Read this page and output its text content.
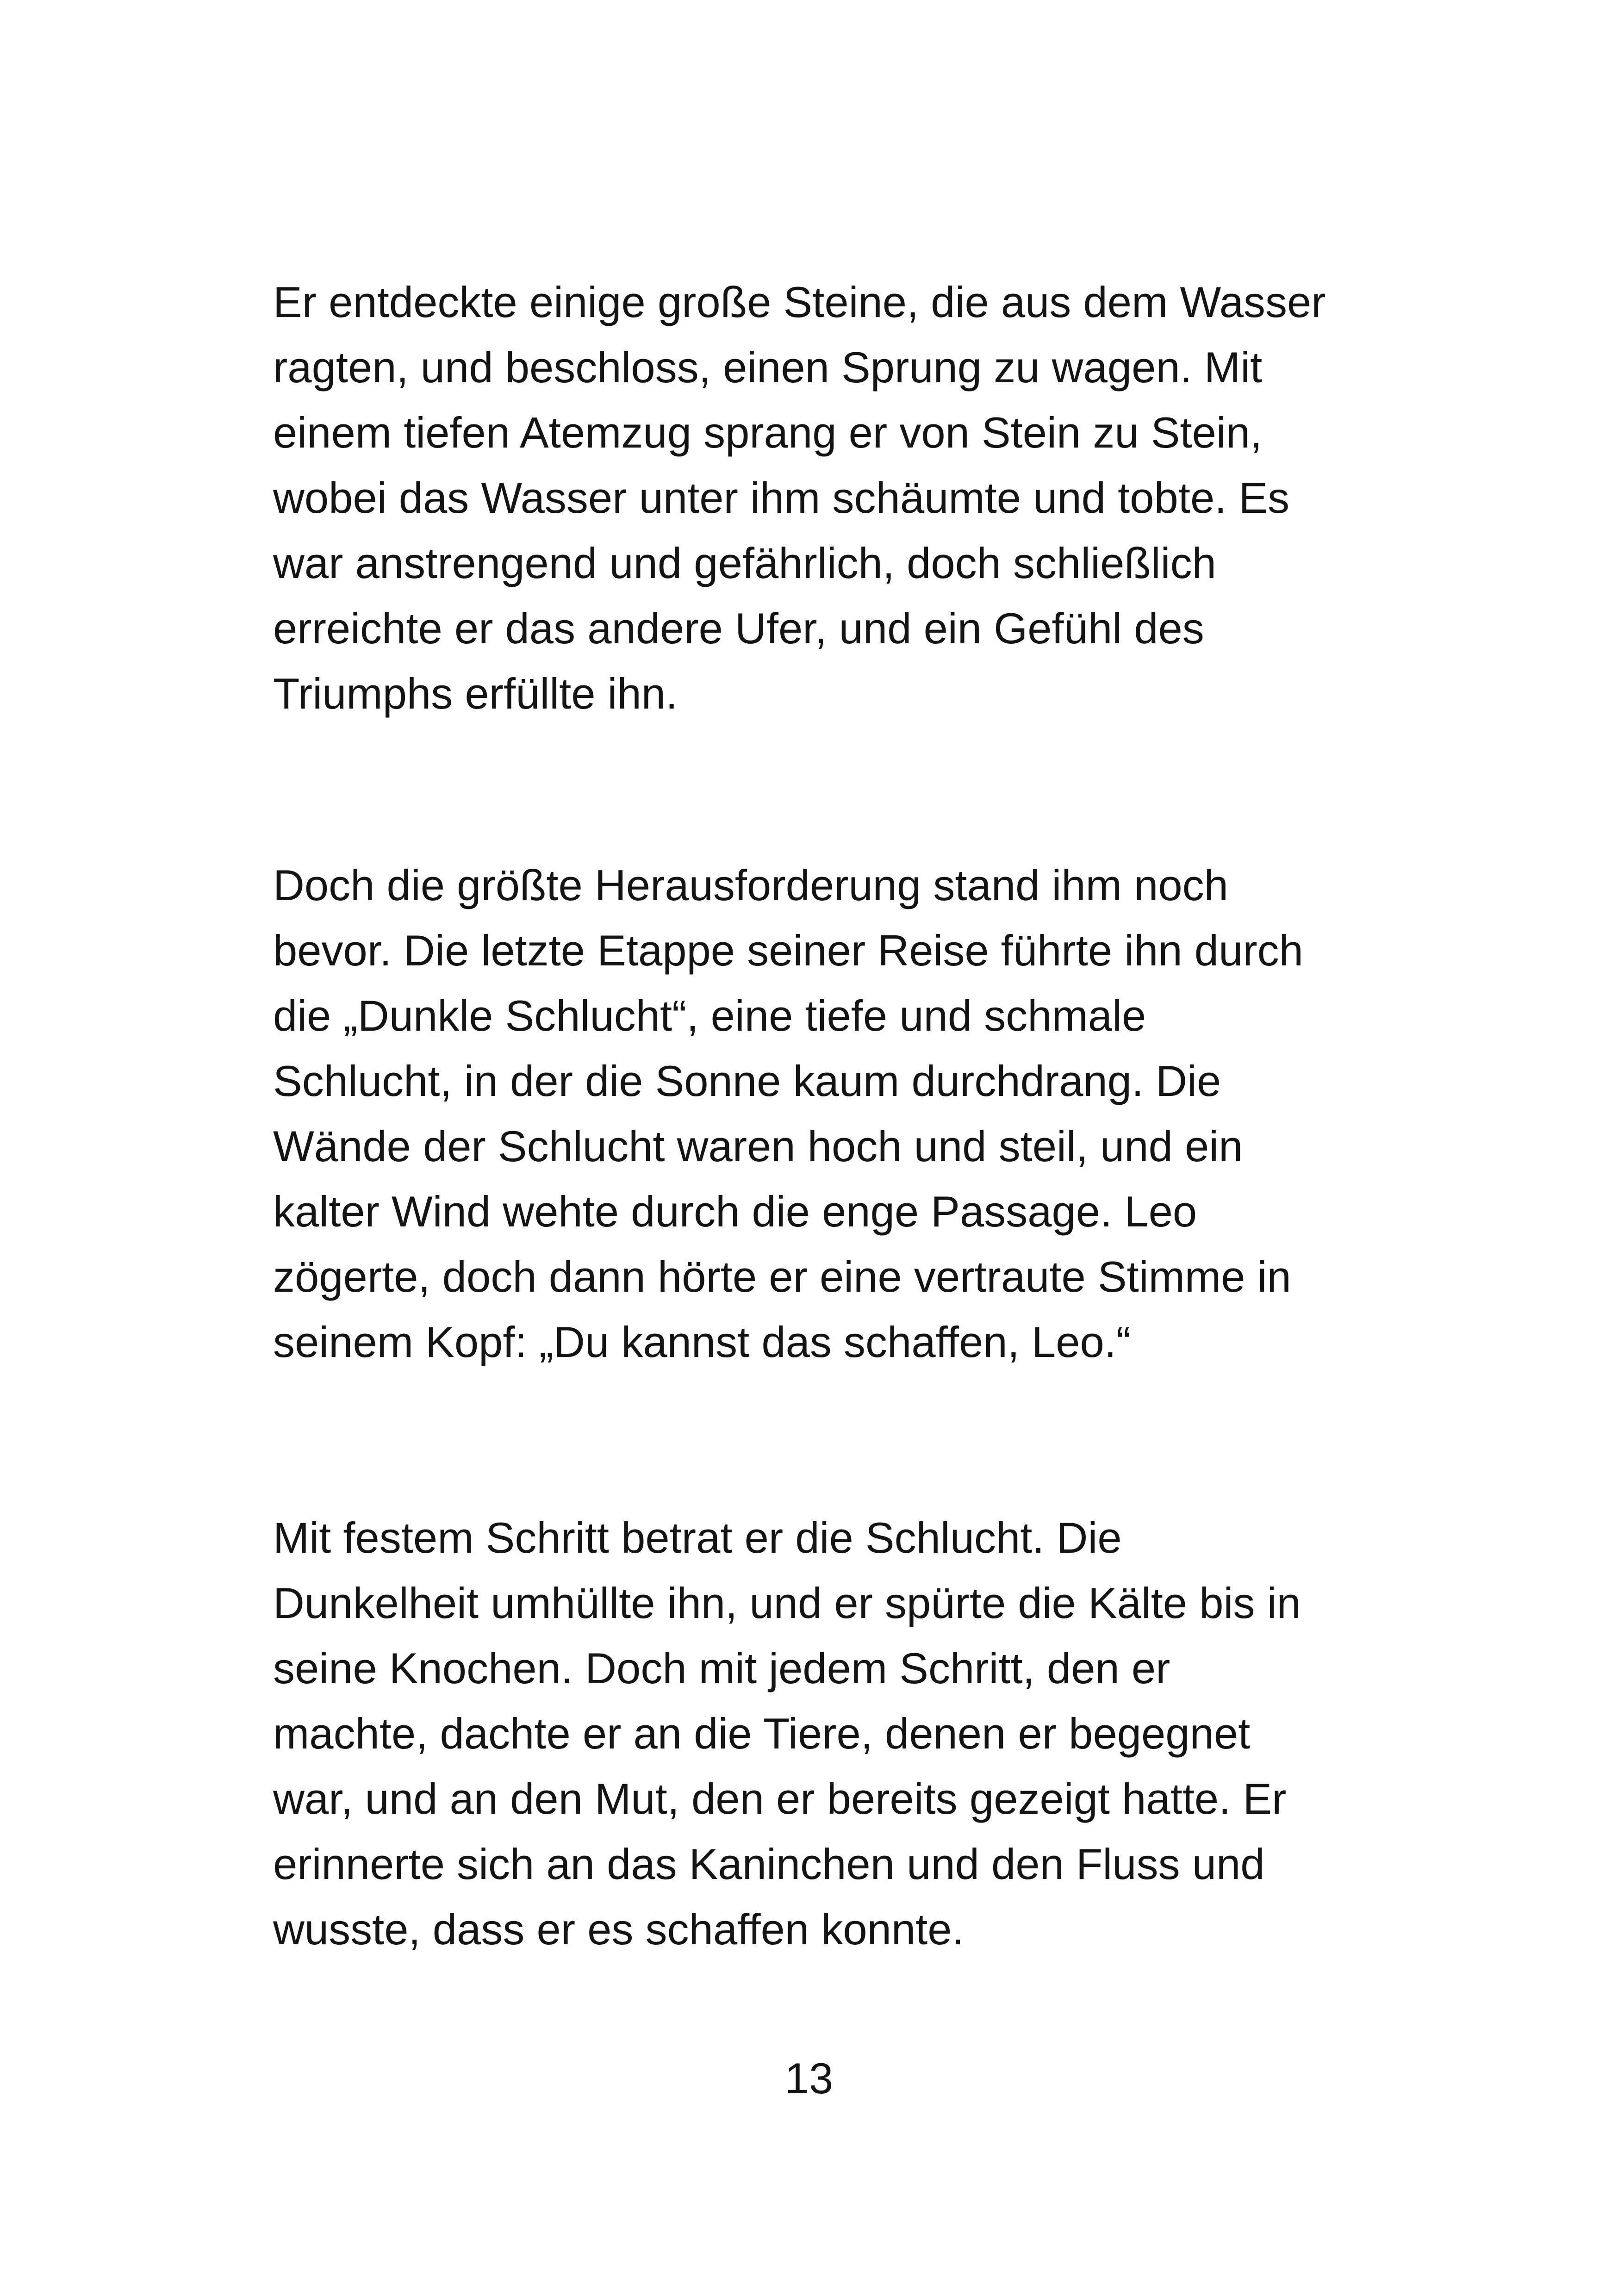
Er entdeckte einige große Steine, die aus dem Wasser
ragten, und beschloss, einen Sprung zu wagen. Mit
einem tiefen Atemzug sprang er von Stein zu Stein,
wobei das Wasser unter ihm schäumte und tobte. Es
war anstrengend und gefährlich, doch schließlich
erreichte er das andere Ufer, und ein Gefühl des
Triumphs erfüllte ihn.

Doch die größte Herausforderung stand ihm noch
bevor. Die letzte Etappe seiner Reise führte ihn durch
die „Dunkle Schlucht“, eine tiefe und schmale
Schlucht, in der die Sonne kaum durchdrang. Die
Wände der Schlucht waren hoch und steil, und ein
kalter Wind wehte durch die enge Passage. Leo
zögerte, doch dann hörte er eine vertraute Stimme in
seinem Kopf: „Du kannst das schaffen, Leo.“

Mit festem Schritt betrat er die Schlucht. Die
Dunkelheit umhüllte ihn, und er spürte die Kälte bis in
seine Knochen. Doch mit jedem Schritt, den er
machte, dachte er an die Tiere, denen er begegnet
war, und an den Mut, den er bereits gezeigt hatte. Er
erinnerte sich an das Kaninchen und den Fluss und
wusste, dass er es schaffen konnte.

13
